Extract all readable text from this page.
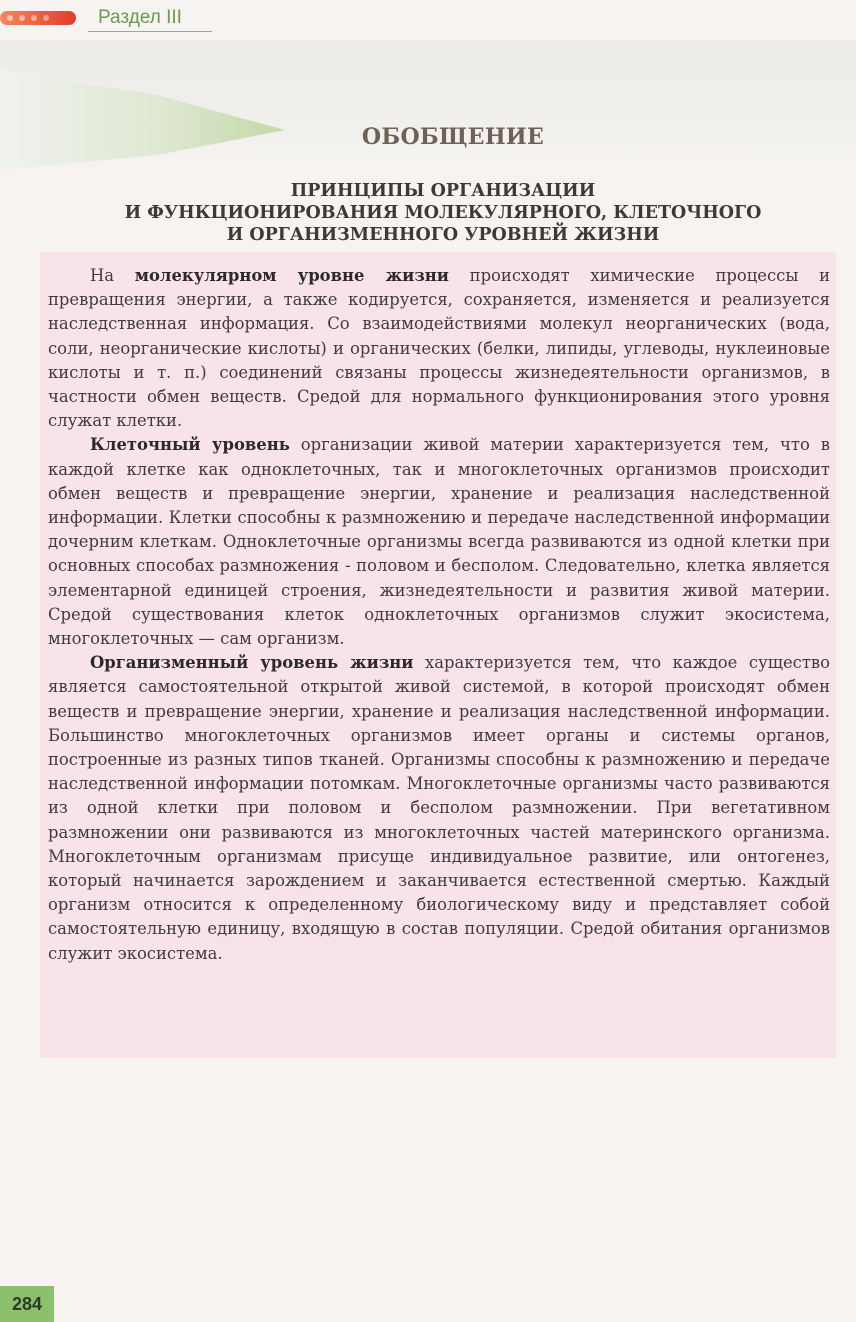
Раздел III
ОБОБЩЕНИЕ
ПРИНЦИПЫ ОРГАНИЗАЦИИ
И ФУНКЦИОНИРОВАНИЯ МОЛЕКУЛЯРНОГО, КЛЕТОЧНОГО
И ОРГАНИЗМЕННОГО УРОВНЕЙ ЖИЗНИ

На молекулярном уровне жизни происходят химические процессы и превращения энергии, а также кодируется, сохраняется, изменяется и реализуется наследственная информация. Со взаимодействиями молекул неорганических (вода, соли, неорганические кислоты) и органических (белки, липиды, углеводы, нуклеиновые кислоты и т. п.) соединений связаны процессы жизнедеятельности организмов, в частности обмен веществ. Средой для нормального функционирования этого уровня служат клетки.

Клеточный уровень организации живой материи характеризуется тем, что в каждой клетке как одноклеточных, так и многоклеточных организмов происходит обмен веществ и превращение энергии, хранение и реализация наследственной информации. Клетки способны к размножению и передаче наследственной информации дочерним клеткам. Одноклеточные организмы всегда развиваются из одной клетки при основных способах размножения - половом и бесполом. Следовательно, клетка является элементарной единицей строения, жизнедеятельности и развития живой материи. Средой существования клеток одноклеточных организмов служит экосистема, многоклеточных — сам организм.

Организменный уровень жизни характеризуется тем, что каждое существо является самостоятельной открытой живой системой, в которой происходят обмен веществ и превращение энергии, хранение и реализация наследственной информации. Большинство многоклеточных организмов имеет органы и системы органов, построенные из разных типов тканей. Организмы способны к размножению и передаче наследственной информации потомкам. Многоклеточные организмы часто развиваются из одной клетки при половом и бесполом размножении. При вегетативном размножении они развиваются из многоклеточных частей материнского организма. Многоклеточным организмам присуще индивидуальное развитие, или онтогенез, который начинается зарождением и заканчивается естественной смертью. Каждый организм относится к определенному биологическому виду и представляет собой самостоятельную единицу, входящую в состав популяции. Средой обитания организмов служит экосистема.

284
